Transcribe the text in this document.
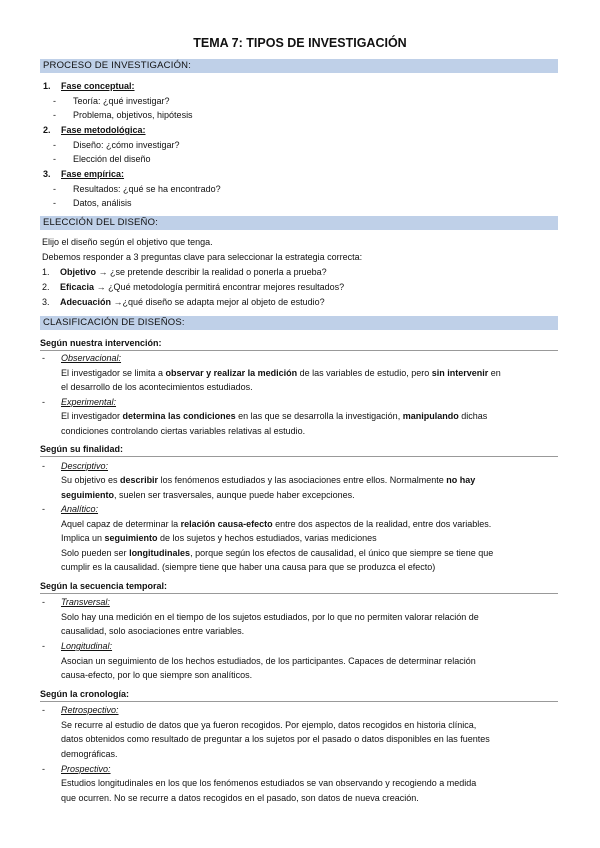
TEMA 7: TIPOS DE INVESTIGACIÓN
PROCESO DE INVESTIGACIÓN:
1. Fase conceptual:
- Teoría: ¿qué investigar?
- Problema, objetivos, hipótesis
2. Fase metodológica:
- Diseño: ¿cómo investigar?
- Elección del diseño
3. Fase empírica:
- Resultados: ¿qué se ha encontrado?
- Datos, análisis
ELECCIÓN DEL DISEÑO:
Elijo el diseño según el objetivo que tenga.
Debemos responder a 3 preguntas clave para seleccionar la estrategia correcta:
1. Objetivo → ¿se pretende describir la realidad o ponerla a prueba?
2. Eficacia → ¿Qué metodología permitirá encontrar mejores resultados?
3. Adecuación →¿qué diseño se adapta mejor al objeto de estudio?
CLASIFICACIÓN DE DISEÑOS:
Según nuestra intervención:
- Observacional:
El investigador se limita a observar y realizar la medición de las variables de estudio, pero sin intervenir en
el desarrollo de los acontecimientos estudiados.
- Experimental:
El investigador determina las condiciones en las que se desarrolla la investigación, manipulando dichas
condiciones controlando ciertas variables relativas al estudio.
Según su finalidad:
- Descriptivo:
Su objetivo es describir los fenómenos estudiados y las asociaciones entre ellos. Normalmente no hay
seguimiento, suelen ser trasversales, aunque puede haber excepciones.
- Analítico:
Aquel capaz de determinar la relación causa-efecto entre dos aspectos de la realidad, entre dos variables.
Implica un seguimiento de los sujetos y hechos estudiados, varias mediciones
Solo pueden ser longitudinales, porque según los efectos de causalidad, el único que siempre se tiene que
cumplir es la causalidad. (siempre tiene que haber una causa para que se produzca el efecto)
Según la secuencia temporal:
- Transversal:
Solo hay una medición en el tiempo de los sujetos estudiados, por lo que no permiten valorar relación de
causalidad, solo asociaciones entre variables.
- Longitudinal:
Asocian un seguimiento de los hechos estudiados, de los participantes. Capaces de determinar relación
causa-efecto, por lo que siempre son analíticos.
Según la cronología:
- Retrospectivo:
Se recurre al estudio de datos que ya fueron recogidos. Por ejemplo, datos recogidos en historia clínica,
datos obtenidos como resultado de preguntar a los sujetos por el pasado o datos disponibles en las fuentes
demográficas.
- Prospectivo:
Estudios longitudinales en los que los fenómenos estudiados se van observando y recogiendo a medida
que ocurren. No se recurre a datos recogidos en el pasado, son datos de nueva creación.
